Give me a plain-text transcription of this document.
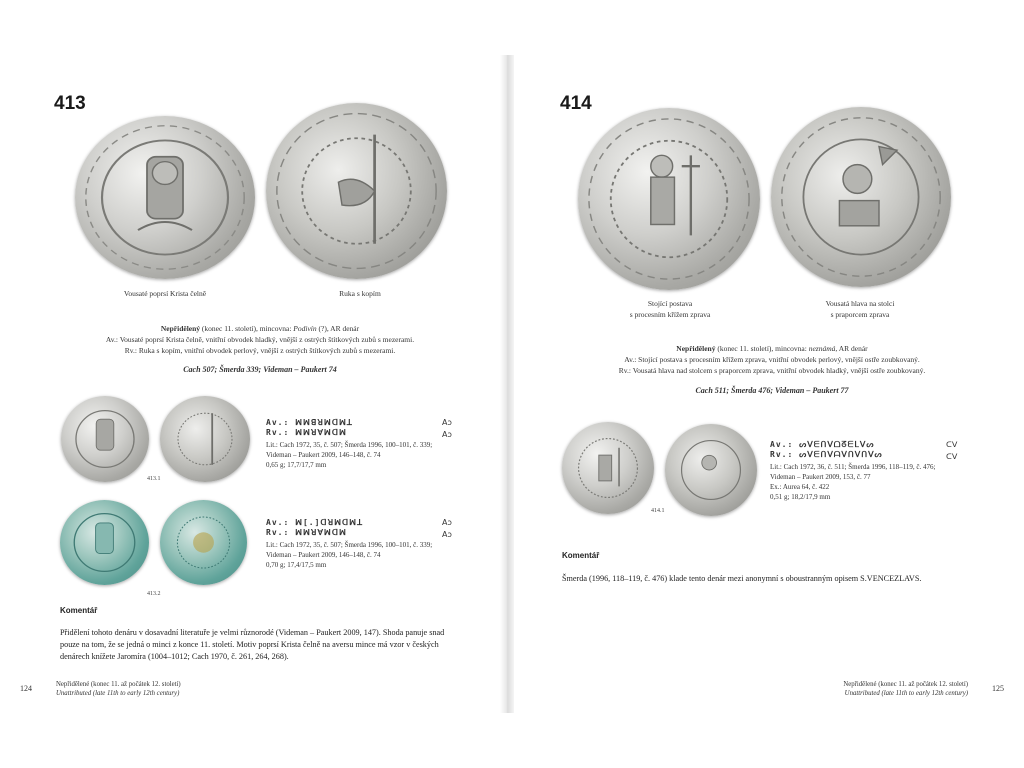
413
Vousaté poprsí Krista čelně	Ruka s kopím
Nepřidělený (konec 11. století), mincovna: Podivín (?), AR denár
Av.: Vousaté poprsí Krista čelně, vnitřní obvodek hladký, vnější z ostrých štítkových zubů s mezerami.
Rv.: Ruka s kopím, vnitřní obvodek perlový, vnější z ostrých štítkových zubů s mezerami.
Cach 507; Šmerda 339; Videman – Paukert 74
413.1
Av.: ꟽꟽꓭꓤꟽꓷꟽꓕ
Rv.: ꟽꟽꓤꓯꟽꓷꟽ
Lit.: Cach 1972, 35, č. 507; Šmerda 1996, 100–101, č. 339;
Videman – Paukert 2009, 146–148, č. 74
0,65 g; 17,7/17,7 mm
Aↄ
Aↄ
413.2
Av.: ꟽ[.]ꓷꓤꟽꓷꟽꓕ
Rv.: ꟽꟽꓤꓯꟽꓷꟽ
Lit.: Cach 1972, 35, č. 507; Šmerda 1996, 100–101, č. 339;
Videman – Paukert 2009, 146–148, č. 74
0,70 g; 17,4/17,5 mm
Aↄ
Aↄ
Komentář
Přidělení tohoto denáru v dosavadní literatuře je velmi různorodé (Videman – Paukert 2009, 147). Shoda panuje snad
pouze na tom, že se jedná o minci z konce 11. století. Motiv poprsí Krista čelně na aversu mince má vzor v českých
denárech knížete Jaromíra (1004–1012; Cach 1970, č. 261, 264, 268).
124	Nepřidělené (konec 11. až počátek 12. století)
Unattributed (late 11th to early 12th century)
414
Stojící postava
s procesním křížem zprava
Vousatá hlava na stolci
s praporcem zprava
Nepřidělený (konec 11. století), mincovna: neznámá, AR denár
Av.: Stojící postava s procesním křížem zprava, vnitřní obvodek perlový, vnější ostře zoubkovaný.
Rv.: Vousatá hlava nad stolcem s praporcem zprava, vnitřní obvodek hladký, vnější ostře zoubkovaný.
Cach 511; Šmerda 476; Videman – Paukert 77
414.1
Av.: ᔕᐯᗴᑎᐯᗝᘔᗴᒪᐯᔕ
Rv.: ᔕᐯᗴᑎᐯᗩᐯᑎᐯᑎᐯᔕ
Lit.: Cach 1972, 36, č. 511; Šmerda 1996, 118–119, č. 476;
Videman – Paukert 2009, 153, č. 77
Ex.: Aurea 64, č. 422
0,51 g; 18,2/17,9 mm
ᑕᐯ
ᑕᐯ
Komentář
Šmerda (1996, 118–119, č. 476) klade tento denár mezi anonymní s oboustranným opisem S.VENCEZLAVS.
Nepřidělené (konec 11. až počátek 12. století)
Unattributed (late 11th to early 12th century)
125
